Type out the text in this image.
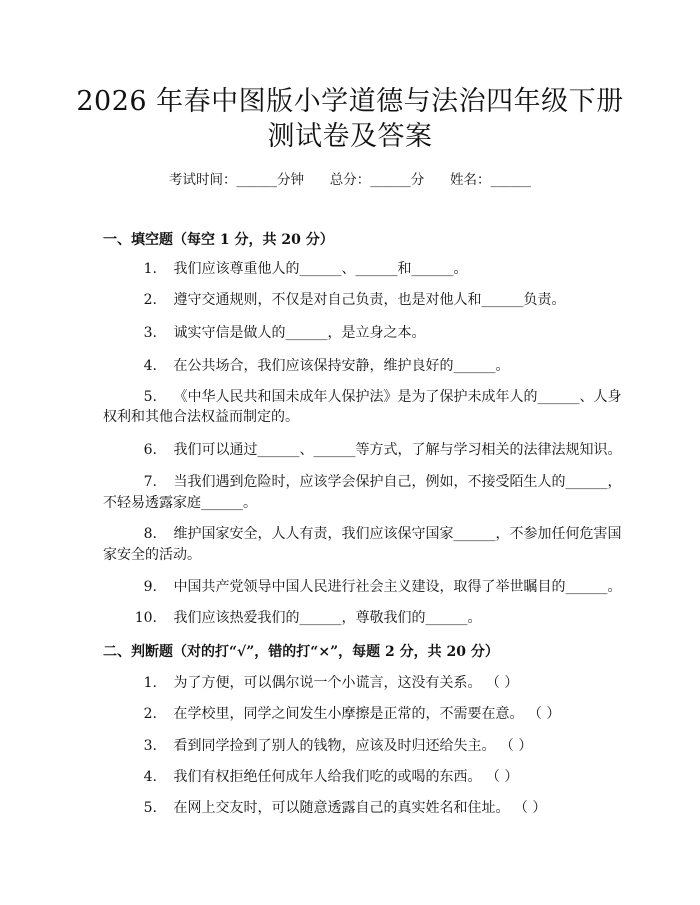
2026 年春中图版小学道德与法治四年级下册
测试卷及答案
考试时间：______分钟      总分：______分      姓名：______
一、填空题（每空 1 分，共 20 分）
1. 我们应该尊重他人的______、______和______。
2. 遵守交通规则，不仅是对自己负责，也是对他人和______负责。
3. 诚实守信是做人的______，是立身之本。
4. 在公共场合，我们应该保持安静，维护良好的______。
5. 《中华人民共和国未成年人保护法》是为了保护未成年人的______、人身
权利和其他合法权益而制定的。
6. 我们可以通过______、______等方式，了解与学习相关的法律法规知识。
7. 当我们遇到危险时，应该学会保护自己，例如，不接受陌生人的______，
不轻易透露家庭______。
8. 维护国家安全，人人有责，我们应该保守国家______，不参加任何危害国
家安全的活动。
9. 中国共产党领导中国人民进行社会主义建设，取得了举世瞩目的______。
10. 我们应该热爱我们的______，尊敬我们的______。
二、判断题（对的打“√”，错的打“×”，每题 2 分，共 20 分）
1. 为了方便，可以偶尔说一个小谎言，这没有关系。 （ ）
2. 在学校里，同学之间发生小摩擦是正常的，不需要在意。 （ ）
3. 看到同学捡到了别人的钱物，应该及时归还给失主。 （ ）
4. 我们有权拒绝任何成年人给我们吃的或喝的东西。 （ ）
5. 在网上交友时，可以随意透露自己的真实姓名和住址。 （ ）
